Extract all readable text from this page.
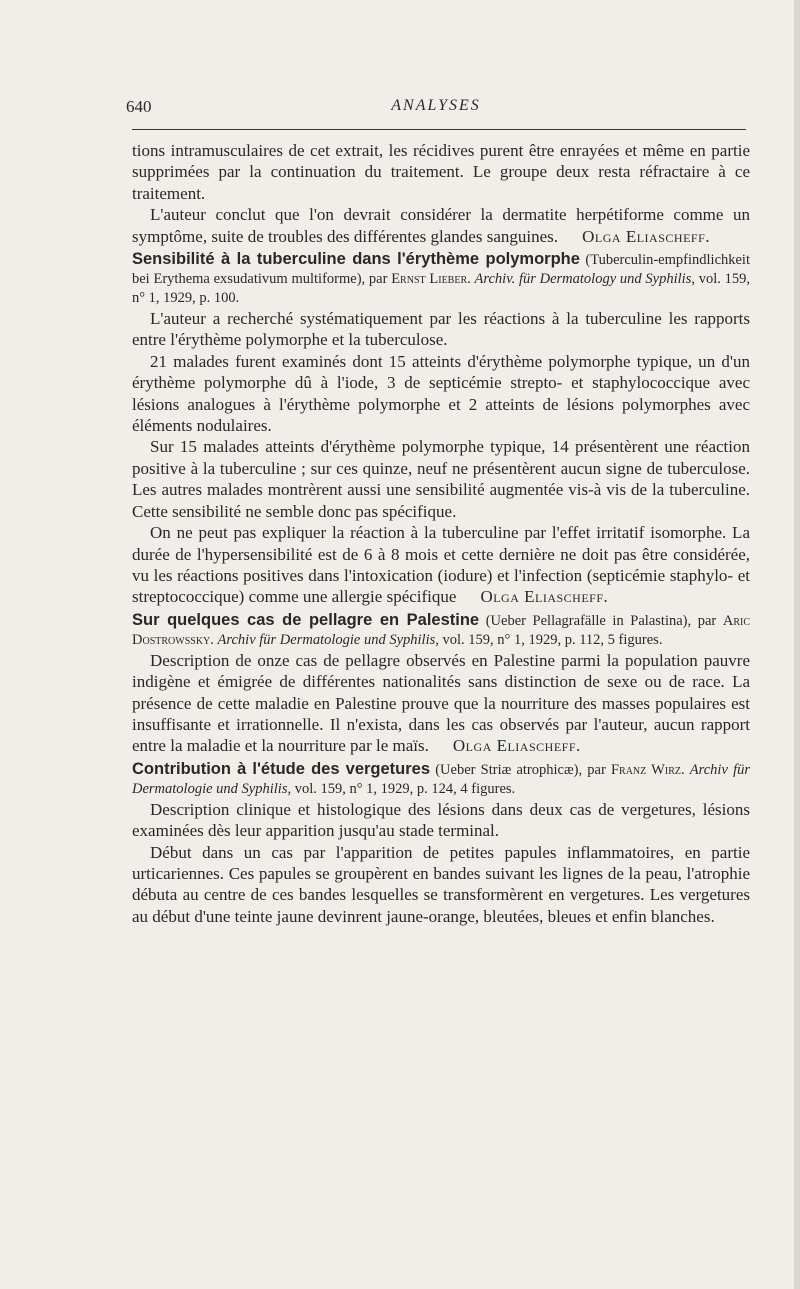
ANALYSES
640

tions intramusculaires de cet extrait, les récidives purent être enrayées et même en partie supprimées par la continuation du traitement. Le groupe deux resta réfractaire à ce traitement.

L'auteur conclut que l'on devrait considérer la dermatite herpétiforme comme un symptôme, suite de troubles des différentes glandes sanguines.	Olga Eliascheff.

Sensibilité à la tuberculine dans l'érythème polymorphe (Tuberculin-empfindlichkeit bei Erythema exsudativum multiforme), par Ernst Lieber. Archiv. für Dermatology und Syphilis, vol. 159, n° 1, 1929, p. 100.

L'auteur a recherché systématiquement par les réactions à la tuberculine les rapports entre l'érythème polymorphe et la tuberculose.

21 malades furent examinés dont 15 atteints d'érythème polymorphe typique, un d'un érythème polymorphe dû à l'iode, 3 de septicémie strepto- et staphylococcique avec lésions analogues à l'érythème polymorphe et 2 atteints de lésions polymorphes avec éléments nodulaires.

Sur 15 malades atteints d'érythème polymorphe typique, 14 présentèrent une réaction positive à la tuberculine ; sur ces quinze, neuf ne présentèrent aucun signe de tuberculose. Les autres malades montrèrent aussi une sensibilité augmentée vis-à vis de la tuberculine. Cette sensibilité ne semble donc pas spécifique.

On ne peut pas expliquer la réaction à la tuberculine par l'effet irritatif isomorphe. La durée de l'hypersensibilité est de 6 à 8 mois et cette dernière ne doit pas être considérée, vu les réactions positives dans l'intoxication (iodure) et l'infection (septicémie staphylo- et streptococcique) comme une allergie spécifique Olga Eliascheff.

Sur quelques cas de pellagre en Palestine (Ueber Pellagrafälle in Palastina), par Aric Dostrowssky. Archiv für Dermatologie und Syphilis, vol. 159, n° 1, 1929, p. 112, 5 figures.

Description de onze cas de pellagre observés en Palestine parmi la population pauvre indigène et émigrée de différentes nationalités sans distinction de sexe ou de race. La présence de cette maladie en Palestine prouve que la nourriture des masses populaires est insuffisante et irrationnelle. Il n'exista, dans les cas observés par l'auteur, aucun rapport entre la maladie et la nourriture par le maïs. Olga Eliascheff.

Contribution à l'étude des vergetures (Ueber Striæ atrophicæ), par Franz Wirz. Archiv für Dermatologie und Syphilis, vol. 159, n° 1, 1929, p. 124, 4 figures.

Description clinique et histologique des lésions dans deux cas de vergetures, lésions examinées dès leur apparition jusqu'au stade terminal.

Début dans un cas par l'apparition de petites papules inflammatoires, en partie urticariennes. Ces papules se groupèrent en bandes suivant les lignes de la peau, l'atrophie débuta au centre de ces bandes lesquelles se transformèrent en vergetures. Les vergetures au début d'une teinte jaune devinrent jaune-orange, bleutées, bleues et enfin blanches.
